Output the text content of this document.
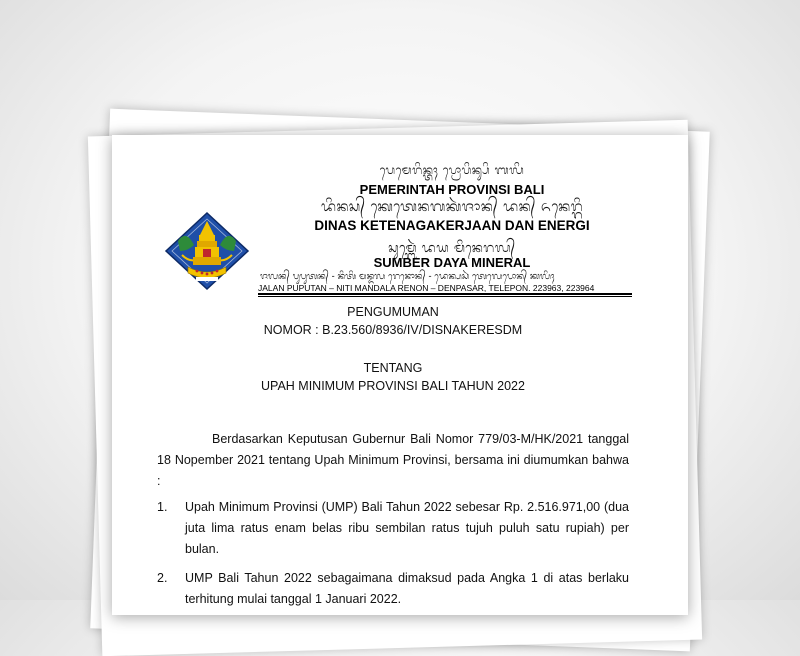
ᬧᬾᬫᬾᬭᬶᬦ᭄ᬢᬄ ᬧ᭄ᬭᭀᬧᬶᬦ᭄ᬲᬶ ᬩᬮᬶ
PEMERINTAH PROVINSI BALI
ᬤᬶᬦᬲ᭄ ᬓᬾᬢᬾᬦᬕᬓᬃᬚᬵᬦ᭄ ᬤᬦ᭄ ᬏᬦᬾᬭ᭄ᬕᬶ
DINAS KETENAGAKERJAAN DAN ENERGI
ᬲᬸᬫ᭄ᬩᬾᬃ ᬤᬬ ᬫᬶᬦᬾᬭᬮ᭄
SUMBER DAYA MINERAL
ᬚᬮᬦ᭄ ᬧᬸᬧᬸᬢᬦ᭄ - ᬦᬶᬢᬶ ᬫᬦ᭄ᬤᬮ ᬭᬾᬦᭀᬦ᭄ - ᬤᬾᬦ᭄ᬧᬲᬃ ᬢᬾᬮᬾᬧᭀᬦ᭄ ᬓᬮᬶᬄ
JALAN PUPUTAN – NITI MANDALA RENON – DENPASAR, TELEPON. 223963, 223964
PENGUMUMAN
NOMOR : B.23.560/8936/IV/DISNAKERESDM
TENTANG
UPAH MINIMUM PROVINSI BALI TAHUN 2022
Berdasarkan Keputusan Gubernur Bali Nomor 779/03-M/HK/2021 tanggal 18 Nopember 2021 tentang Upah Minimum Provinsi, bersama ini diumumkan bahwa :
1. Upah Minimum Provinsi (UMP) Bali Tahun 2022 sebesar Rp. 2.516.971,00 (dua juta lima ratus enam belas ribu sembilan ratus tujuh puluh satu rupiah) per bulan.
2. UMP Bali Tahun 2022 sebagaimana dimaksud pada Angka 1 di atas berlaku terhitung mulai tanggal 1 Januari 2022.
